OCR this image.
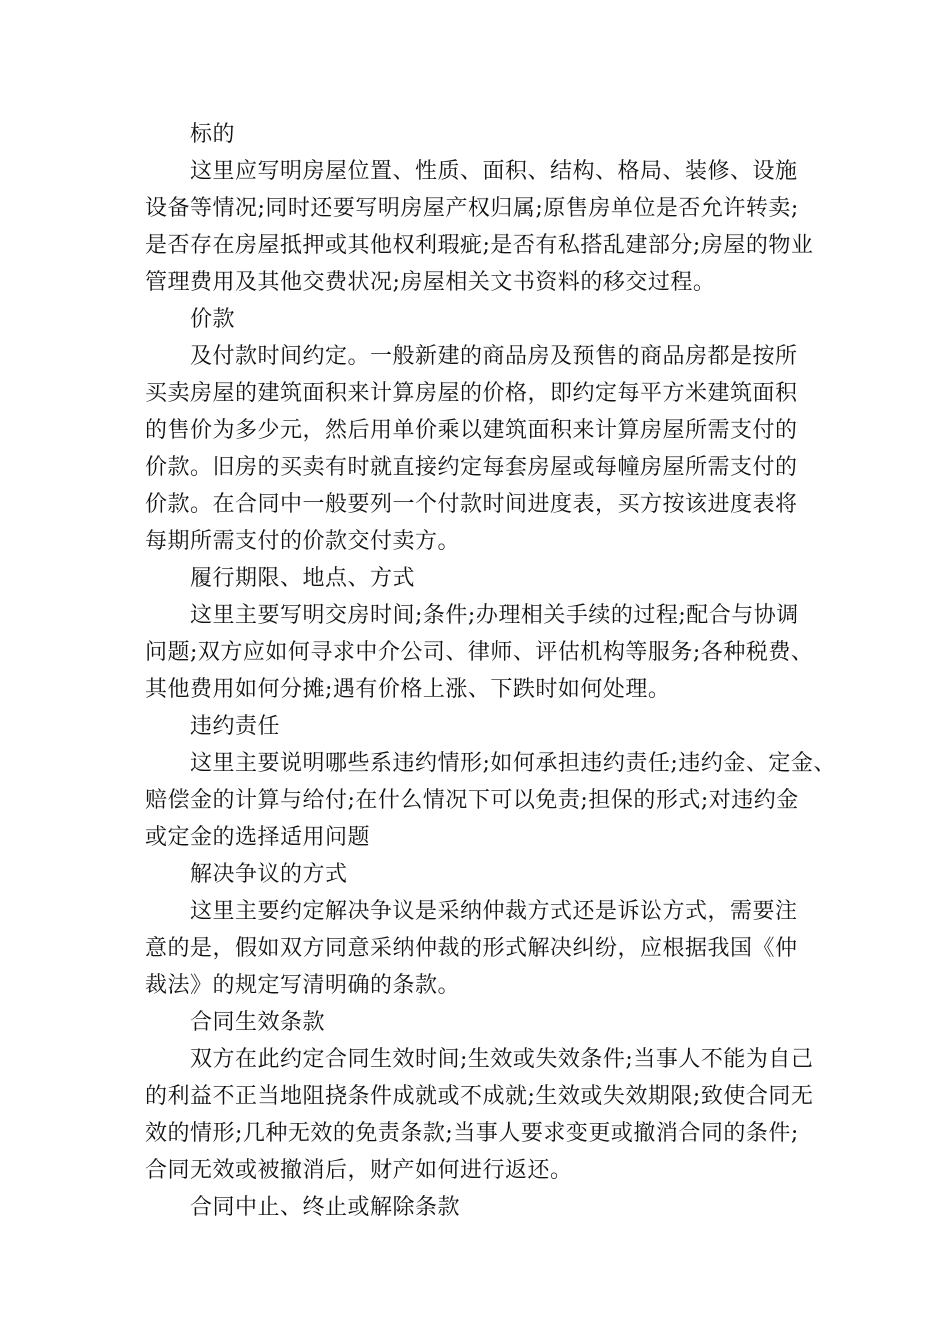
标的
这里应写明房屋位置、性质、面积、结构、格局、装修、设施
设备等情况;同时还要写明房屋产权归属;原售房单位是否允许转卖;
是否存在房屋抵押或其他权利瑕疵;是否有私搭乱建部分;房屋的物业
管理费用及其他交费状况;房屋相关文书资料的移交过程。
价款
及付款时间约定。一般新建的商品房及预售的商品房都是按所
买卖房屋的建筑面积来计算房屋的价格，即约定每平方米建筑面积
的售价为多少元，然后用单价乘以建筑面积来计算房屋所需支付的
价款。旧房的买卖有时就直接约定每套房屋或每幢房屋所需支付的
价款。在合同中一般要列一个付款时间进度表，买方按该进度表将
每期所需支付的价款交付卖方。
履行期限、地点、方式
这里主要写明交房时间;条件;办理相关手续的过程;配合与协调
问题;双方应如何寻求中介公司、律师、评估机构等服务;各种税费、
其他费用如何分摊;遇有价格上涨、下跌时如何处理。
违约责任
这里主要说明哪些系违约情形;如何承担违约责任;违约金、定金、
赔偿金的计算与给付;在什么情况下可以免责;担保的形式;对违约金
或定金的选择适用问题
解决争议的方式
这里主要约定解决争议是采纳仲裁方式还是诉讼方式，需要注
意的是，假如双方同意采纳仲裁的形式解决纠纷，应根据我国《仲
裁法》的规定写清明确的条款。
合同生效条款
双方在此约定合同生效时间;生效或失效条件;当事人不能为自己
的利益不正当地阻挠条件成就或不成就;生效或失效期限;致使合同无
效的情形;几种无效的免责条款;当事人要求变更或撤消合同的条件;
合同无效或被撤消后，财产如何进行返还。
合同中止、终止或解除条款
